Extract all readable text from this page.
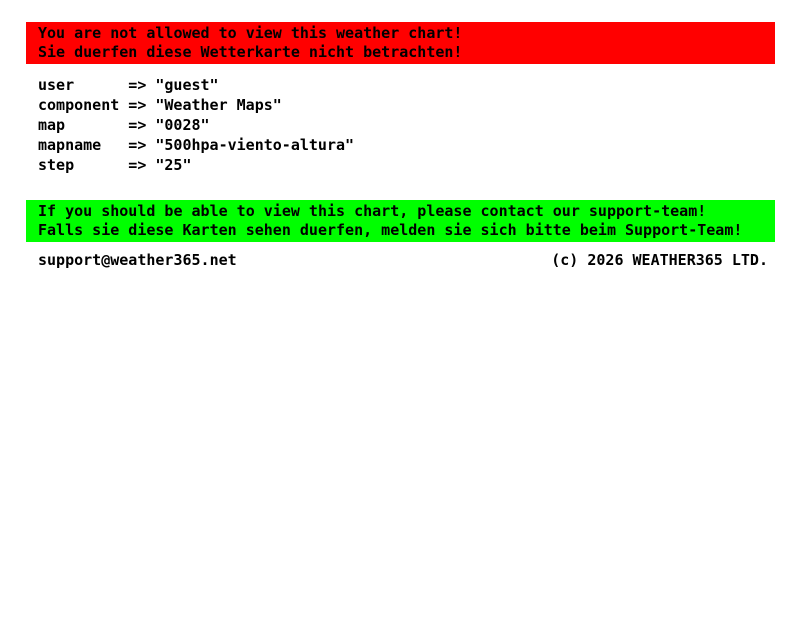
You are not allowed to view this weather chart!
Sie duerfen diese Wetterkarte nicht betrachten!
user	=> "guest"
component => "Weather Maps"
map	=> "0028"
mapname => "500hpa-viento-altura"
step	=> "25"
If you should be able to view this chart, please contact our support-team!
Falls sie diese Karten sehen duerfen, melden sie sich bitte beim Support-Team!
support@weather365.net	(c) 2026 WEATHER365 LTD.
